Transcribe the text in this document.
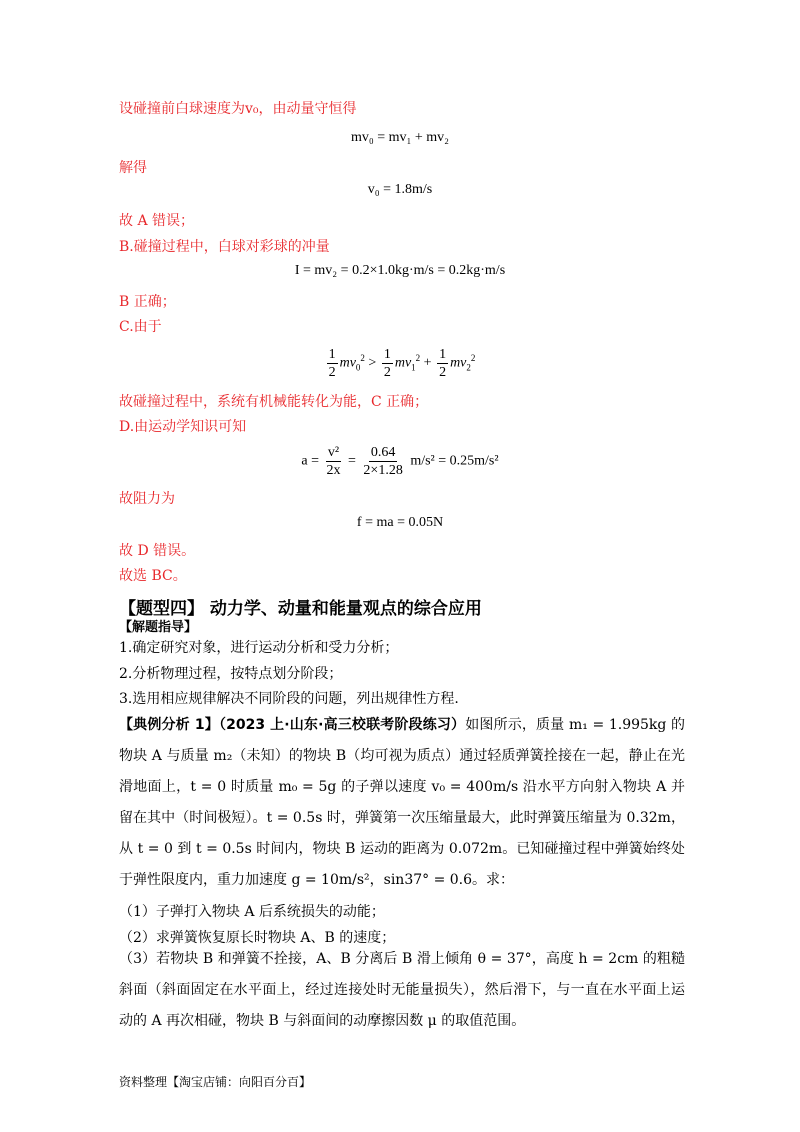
设碰撞前白球速度为v₀，由动量守恒得
mv₀ = mv₁ + mv₂
解得
v₀ = 1.8m/s
故 A 错误；
B.碰撞过程中，白球对彩球的冲量
I = mv₂ = 0.2×1.0kg·m/s = 0.2kg·m/s
B 正确；
C.由于
$\frac{1}{2} mv_0^2 > \frac{1}{2} mv_1^2 + \frac{1}{2} mv_2^2$
故碰撞过程中，系统有机械能转化为能，C 正确；
D.由运动学知识可知
$a = \frac{\text{v²}}{2x} = \frac{0.64}{2\times 1.28} m/s^2 = 0.25m/s^2$
故阻力为
f = ma = 0.05N
故 D 错误。
故选 BC。
【题型四】 动力学、动量和能量观点的综合应用
【解题指导】
1.确定研究对象，进行运动分析和受力分析；
2.分析物理过程，按特点划分阶段；
3.选用相应规律解决不同阶段的问题，列出规律性方程.
【典例分析 1】（2023 上·山东·高三校联考阶段练习）如图所示，质量 m₁ = 1.995kg 的物块 A 与质量 m₂（未知）的物块 B（均可视为质点）通过轻质弹簧拴接在一起，静止在光滑地面上，t = 0 时质量 m₀ = 5g 的子弹以速度 v₀ = 400m/s 沿水平方向射入物块 A 并留在其中（时间极短）。t = 0.5s 时，弹簧第一次压缩量最大，此时弹簧压缩量为 0.32m，从 t = 0 到 t = 0.5s 时间内，物块 B 运动的距离为 0.072m。已知碰撞过程中弹簧始终处于弹性限度内，重力加速度 g = 10m/s²，sin37° = 0.6。求：
（1）子弹打入物块 A 后系统损失的动能；
（2）求弹簧恢复原长时物块 A、B 的速度；
（3）若物块 B 和弹簧不拴接，A、B 分离后 B 滑上倾角 θ = 37°，高度 h = 2cm 的粗糙斜面（斜面固定在水平面上，经过连接处时无能量损失），然后滑下，与一直在水平面上运动的 A 再次相碰，物块 B 与斜面间的动摩擦因数 μ 的取值范围。
资料整理【淘宝店铺：向阳百分百】
